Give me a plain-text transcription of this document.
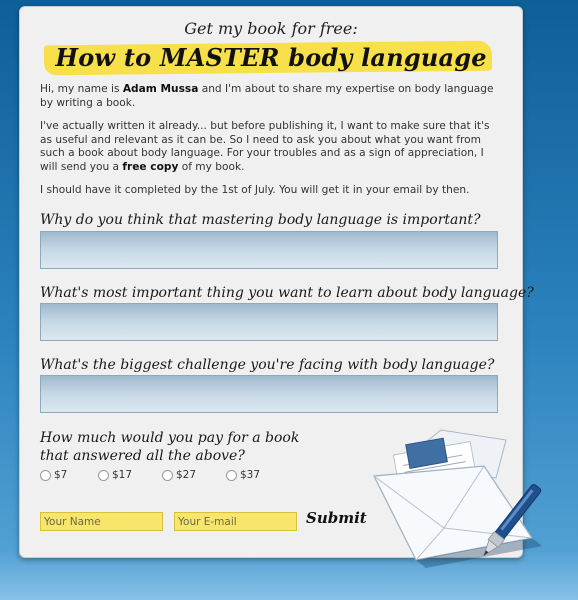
Get my book for free:
How to MASTER body language

Hi, my name is Adam Mussa and I'm about to share my expertise on body language by writing a book.

I've actually written it already... but before publishing it, I want to make sure that it's as useful and relevant as it can be. So I need to ask you about what you want from such a book about body language. For your troubles and as a sign of appreciation, I will send you a free copy of my book.

I should have it completed by the 1st of July. You will get it in your email by then.

Why do you think that mastering body language is important?
What's most important thing you want to learn about body language?
What's the biggest challenge you're facing with body language?
How much would you pay for a book
that answered all the above?
$7	$17	$27	$37
Your Name
Your E-mail
Submit
